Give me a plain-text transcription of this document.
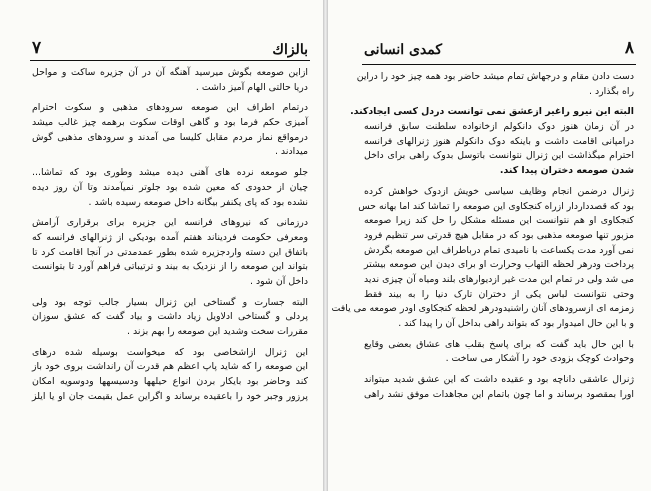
بالزاك
٧
ازاین صومعه بگوش میرسید آهنگه آن در آن جزیره ساکت و مواحل
دریا حالتی الهام آمیز داشت .
درتمام اطراف این صومعه سرودهای مذهبی و سکوت احترام
آمیزی حکم فرما بود و گاهی اوقات سکوت برهمه چیز غالب میشد
درمواقع نماز مردم مقابل کلیسا می آمدند و سرودهای مذهبی گوش
میدادند .
جلو صومعه نرده های آهنی دیده میشد وطوری بود که تماشا...
چیان از حدودی که معین شده بود جلوتر نمیآمدند وتا آن روز دیده
نشده بود که پای یکنفر بیگانه داخل صومعه رسیده باشد .
درزمانی که نیروهای فرانسه این جزیره برای برقراری آرامش
ومعرفی حکومت فردیناند هفتم آمده بودیکی از ژنرالهای فرانسه که
باتفاق این دسته واردجزیره شده بطور عمدمدتی در آنجا اقامت کرد تا
بتواند این صومعه را از نزدیک به بیند و ترتیباتی فراهم آورد تا بتوانست
داخل آن شود .
البته جسارت و گستاخی این ژنرال بسیار جالب توجه بود ولی
پردلی و گستاخی ادلاویل زیاد داشت و بیاد گفت که عشق سوزان
مقررات سخت وشدید این صومعه را بهم بزند .
این ژنرال ازاشخاصی بود که میخواست بوسیله شده درهای
این صومعه را که شاید پاپ اعظم هم قدرت آن رانداشت بروی خود باز
کند وحاضر بود بایکار بردن انواع حیلهها ودسیسهها ودوسویه امکان
پرزور وجبر خود را باعقیده برساند و اگراین عمل بقیمت جان او یا ایلز
٨
کمدی انسانی
دست دادن مقام و درجهاش تمام میشد حاضر بود همه چیز خود را دراین
راه بگذارد .
البته این نیرو راغیر ازعشق نمی توانست دردل کسی ایجادکند.
در آن زمان هنوز دوک دانکولم ازخانواده سلطنت سابق فرانسه
درامپانی اقامت داشت و باینکه دوک دانکولم هنوز ژنرالهای فرانسه
احترام میگذاشت این ژنرال نتوانست باتوسل بدوک راهی برای داخل
شدن صومعه دختران پیدا کند.
ژنرال درضمن انجام وظایف سیاسی خویش ازدوک خواهش کرده
بود که قصدداردار ازراه کنجکاوی این صومعه را تماشا کند اما بهانه حس
کنجکاوی او هم نتوانست این مسئله مشکل را حل کند زیرا صومعه
مزبور تنها صومعه مذهبی بود که در مقابل هیچ قدرتی سر تنظیم فرود
نمی آورد مدت یکساعت با نامیدی تمام درباطراف این صومعه بگردش
پرداخت ودرهر لحظه التهاب وحرارت او برای دیدن این صومعه بیشتر
می شد ولی در تمام این مدت غیر ازدیوارهای بلند ومیاه آن چیزی ندید
وحتی نتوانست لباس یکی از دختران تارک دنیا را به بیند فقط
زمزمه ای ازسرودهای آنان راشنیدودرهر لحظه کنجکاوی اودر صومعه می یافت
و با این حال امیدوار بود که بتواند راهی بداخل آن را پیدا کند .
با این حال باید گفت که برای پاسخ بقلب های عشاق بعضی وقایع
وحوادث کوچک بزودی خود را آشکار می ساخت .
ژنرال عاشقی داناچه بود و عقیده داشت که این عشق شدید میتواند
اورا بمقصود برساند و اما چون باتمام این مجاهدات موفق نشد راهی
